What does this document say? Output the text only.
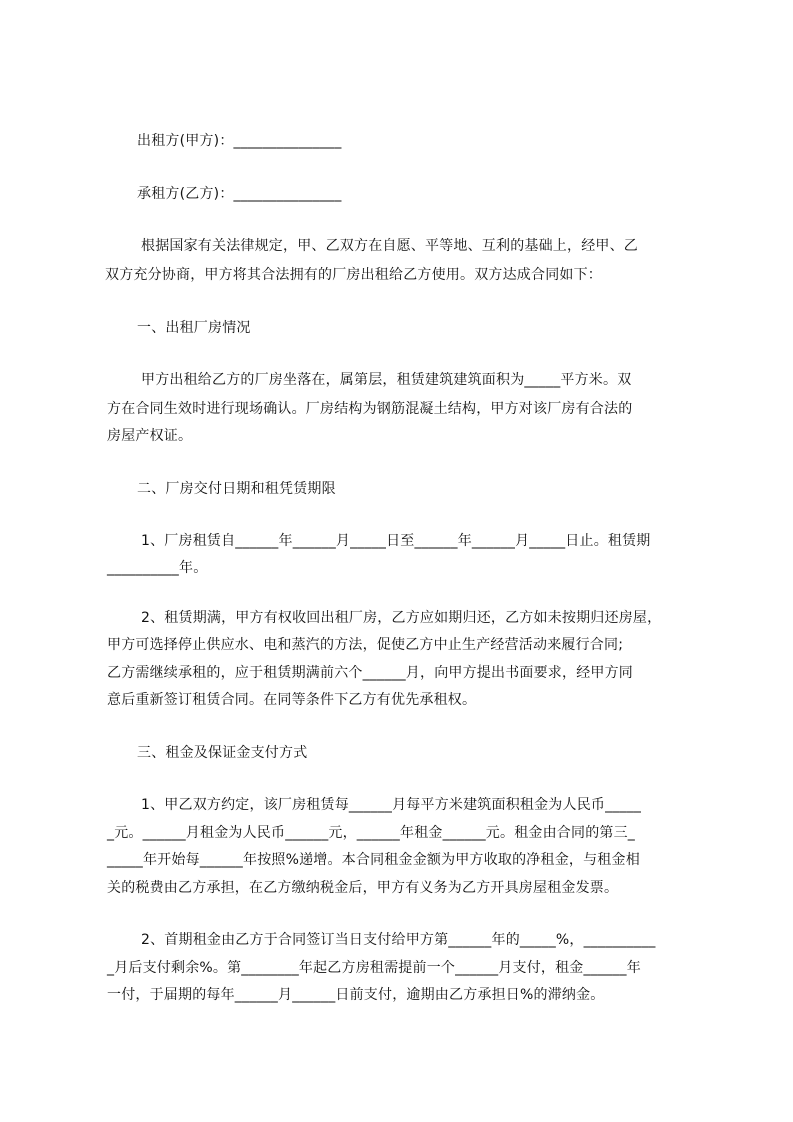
出租方(甲方)：_______________
承租方(乙方)：_______________
根据国家有关法律规定，甲、乙双方在自愿、平等地、互利的基础上，经甲、乙
双方充分协商，甲方将其合法拥有的厂房出租给乙方使用。双方达成合同如下：
一、出租厂房情况
甲方出租给乙方的厂房坐落在，属第层，租赁建筑建筑面积为_____平方米。双
方在合同生效时进行现场确认。厂房结构为钢筋混凝土结构，甲方对该厂房有合法的
房屋产权证。
二、厂房交付日期和租凭赁期限
1、厂房租赁自______年______月_____日至______年______月_____日止。租赁期
__________年。
2、租赁期满，甲方有权收回出租厂房，乙方应如期归还，乙方如未按期归还房屋，
甲方可选择停止供应水、电和蒸汽的方法，促使乙方中止生产经营活动来履行合同;
乙方需继续承租的，应于租赁期满前六个______月，向甲方提出书面要求，经甲方同
意后重新签订租赁合同。在同等条件下乙方有优先承租权。
三、租金及保证金支付方式
1、甲乙双方约定，该厂房租赁每______月每平方米建筑面积租金为人民币_____
_元。______月租金为人民币______元，______年租金______元。租金由合同的第三_
_____年开始每______年按照%递增。本合同租金金额为甲方收取的净租金，与租金相
关的税费由乙方承担，在乙方缴纳税金后，甲方有义务为乙方开具房屋租金发票。
2、首期租金由乙方于合同签订当日支付给甲方第______年的_____%，__________
_月后支付剩余%。第________年起乙方房租需提前一个______月支付，租金______年
一付，于届期的每年______月______日前支付，逾期由乙方承担日%的滞纳金。
